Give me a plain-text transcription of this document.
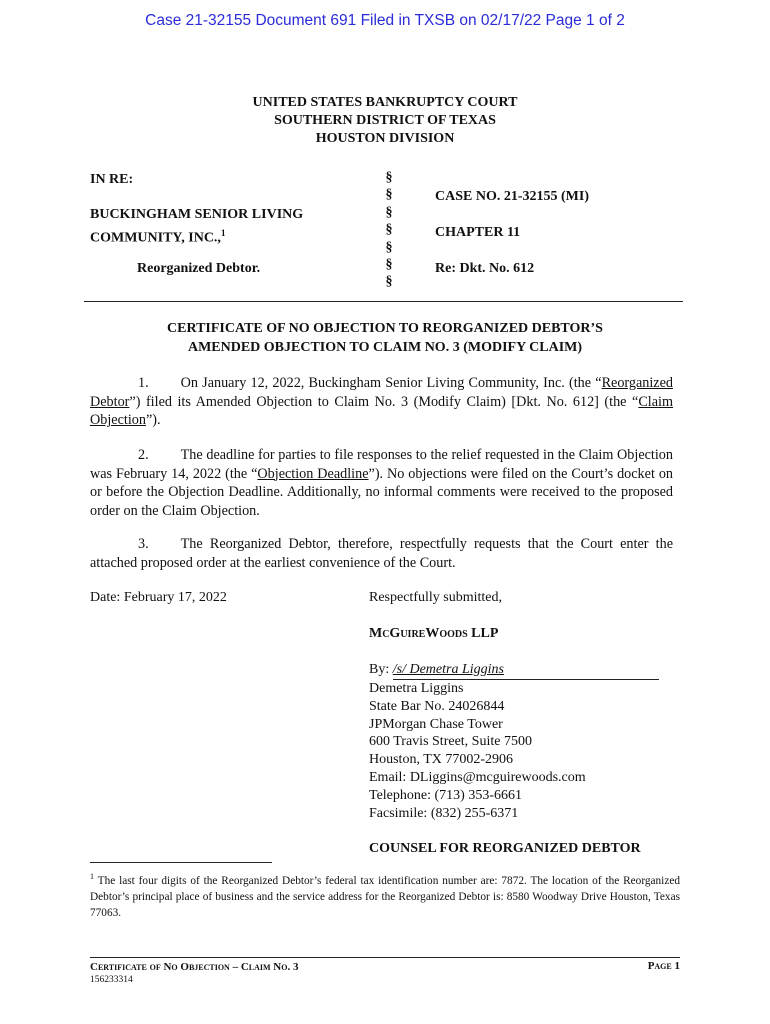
Case 21-32155 Document 691 Filed in TXSB on 02/17/22 Page 1 of 2
UNITED STATES BANKRUPTCY COURT
SOUTHERN DISTRICT OF TEXAS
HOUSTON DIVISION
IN RE:
BUCKINGHAM SENIOR LIVING
COMMUNITY, INC.,$^1$
Reorganized Debtor.
§
§
§
§
§
§
§
CASE NO. 21-32155 (MI)
CHAPTER 11
Re: Dkt. No. 612
CERTIFICATE OF NO OBJECTION TO REORGANIZED DEBTOR’S
AMENDED OBJECTION TO CLAIM NO. 3 (MODIFY CLAIM)

1. On January 12, 2022, Buckingham Senior Living Community, Inc. (the “Reorganized Debtor”) filed its Amended Objection to Claim No. 3 (Modify Claim) [Dkt. No. 612] (the “Claim Objection”).

2. The deadline for parties to file responses to the relief requested in the Claim Objection was February 14, 2022 (the “Objection Deadline”). No objections were filed on the Court’s docket on or before the Objection Deadline. Additionally, no informal comments were received to the proposed order on the Claim Objection.

3. The Reorganized Debtor, therefore, respectfully requests that the Court enter the attached proposed order at the earliest convenience of the Court.

Date: February 17, 2022	Respectfully submitted,
McGuireWoods LLP
By: /s/ Demetra Liggins
Demetra Liggins
State Bar No. 24026844
JPMorgan Chase Tower
600 Travis Street, Suite 7500
Houston, TX 77002-2906
Email: DLiggins@mcguirewoods.com
Telephone: (713) 353-6661
Facsimile: (832) 255-6371
COUNSEL FOR REORGANIZED DEBTOR
$^1$ The last four digits of the Reorganized Debtor’s federal tax identification number are: 7872. The location of the Reorganized Debtor’s principal place of business and the service address for the Reorganized Debtor is: 8580 Woodway Drive Houston, Texas 77063.
Certificate of No Objection – Claim No. 3
156233314
Page 1
